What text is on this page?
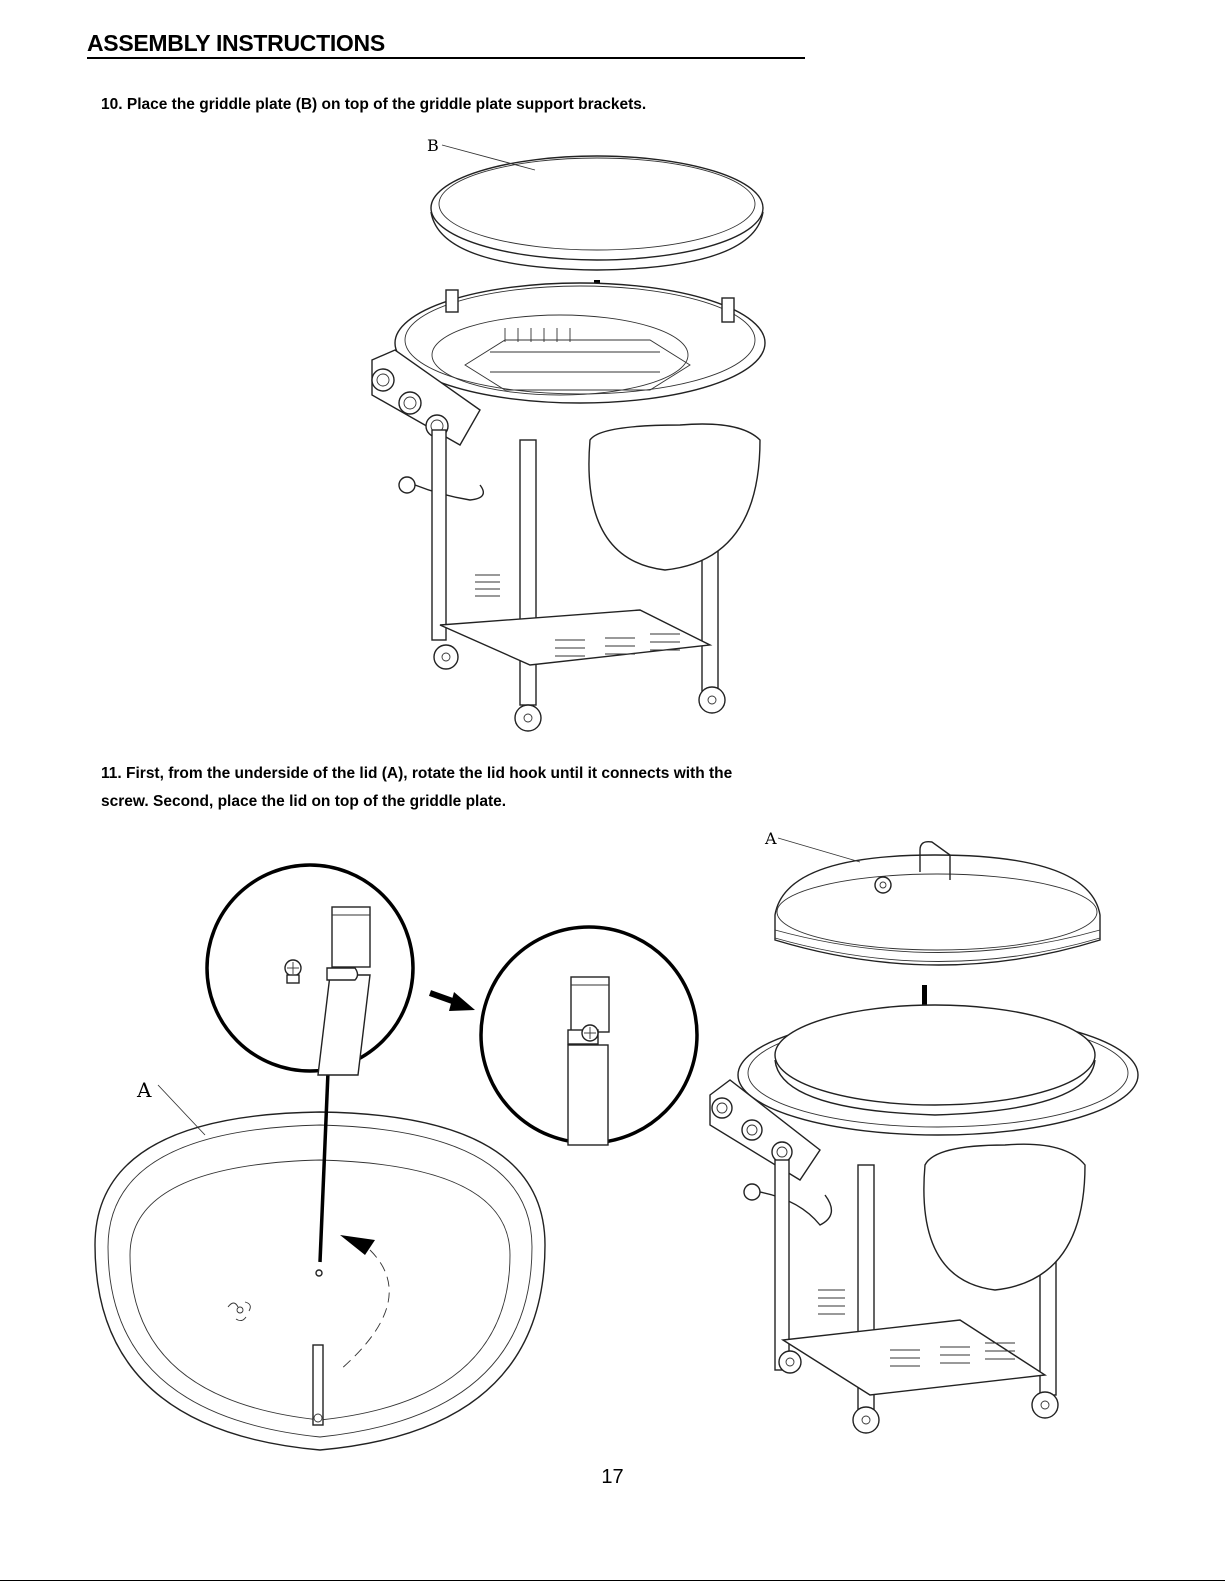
ASSEMBLY INSTRUCTIONS
10. Place the griddle plate (B) on top of the griddle plate support brackets.
11. First, from the underside of the lid (A), rotate the lid hook until it connects with the screw. Second, place the lid on top of the griddle plate.
B
A
A
17
